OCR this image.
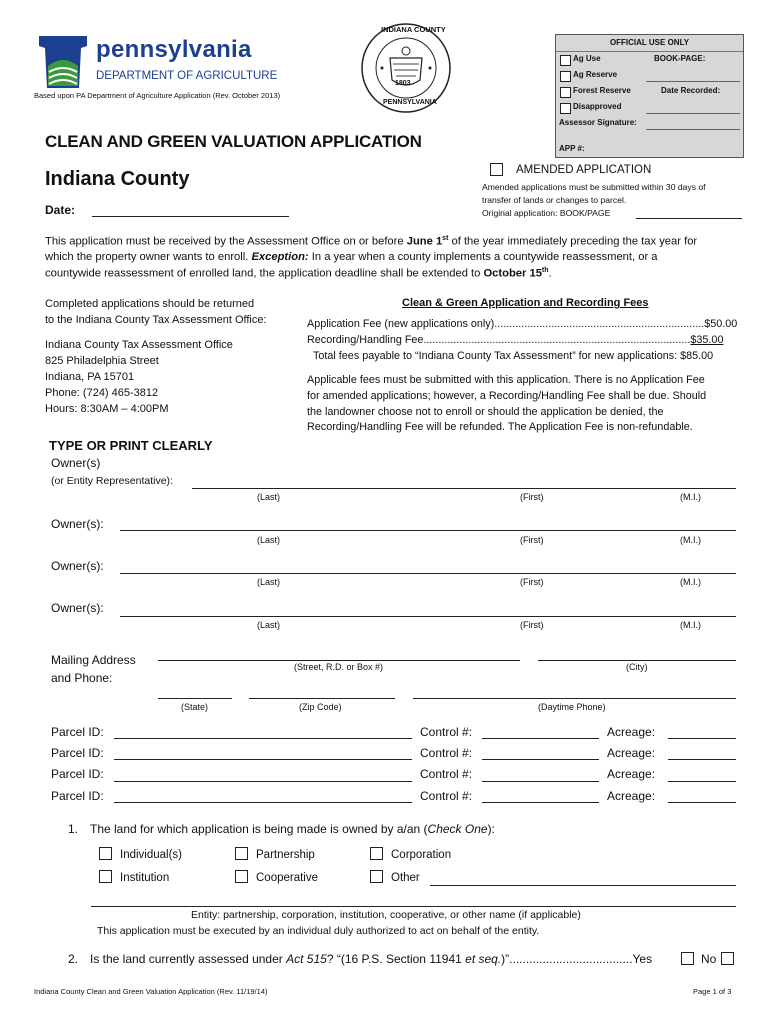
pennsylvania
DEPARTMENT OF AGRICULTURE
Based upon PA Department of Agriculture Application (Rev. October 2013)
INDIANA COUNTY
PENNSYLVANIA
1803
OFFICIAL USE ONLY
Ag Use	BOOK-PAGE:
Ag Reserve
Forest Reserve	Date Recorded:
Disapproved
Assessor Signature:
APP #:
CLEAN AND GREEN VALUATION APPLICATION
Indiana County
Date:
AMENDED APPLICATION
Amended applications must be submitted within 30 days of
transfer of lands or changes to parcel.
Original application: BOOK/PAGE
This application must be received by the Assessment Office on or before June 1st of the year immediately preceding the tax year for
which the property owner wants to enroll. Exception: In a year when a county implements a countywide reassessment, or a
countywide reassessment of enrolled land, the application deadline shall be extended to October 15th.
Completed applications should be returned
to the Indiana County Tax Assessment Office:
Indiana County Tax Assessment Office
825 Philadelphia Street
Indiana, PA 15701
Phone: (724) 465-3812
Hours: 8:30AM – 4:00PM
Clean & Green Application and Recording Fees
Application Fee (new applications only)......................................................................$50.00
Recording/Handling Fee.........................................................................................$35.00
Total fees payable to “Indiana County Tax Assessment” for new applications: $85.00
Applicable fees must be submitted with this application. There is no Application Fee
for amended applications; however, a Recording/Handling Fee shall be due. Should
the landowner choose not to enroll or should the application be denied, the
Recording/Handling Fee will be refunded. The Application Fee is non-refundable.
TYPE OR PRINT CLEARLY
Owner(s)
(or Entity Representative):
(Last)	(First)	(M.I.)
Owner(s):
(Last)	(First)	(M.I.)
Owner(s):
(Last)	(First)	(M.I.)
Owner(s):
(Last)	(First)	(M.I.)
Mailing Address
and Phone:
(Street, R.D. or Box #)	(City)
(State)	(Zip Code)	(Daytime Phone)
Parcel ID:	Control #:	Acreage:
Parcel ID:	Control #:	Acreage:
Parcel ID:	Control #:	Acreage:
Parcel ID:	Control #:	Acreage:
1. The land for which application is being made is owned by a/an (Check One):
Individual(s)	Partnership	Corporation
Institution	Cooperative	Other
Entity: partnership, corporation, institution, cooperative, or other name (if applicable)
This application must be executed by an individual duly authorized to act on behalf of the entity.
2. Is the land currently assessed under Act 515? “(16 P.S. Section 11941 et seq.)”.....................................Yes	No
Indiana County Clean and Green Valuation Application (Rev. 11/19/14)	Page 1 of 3
